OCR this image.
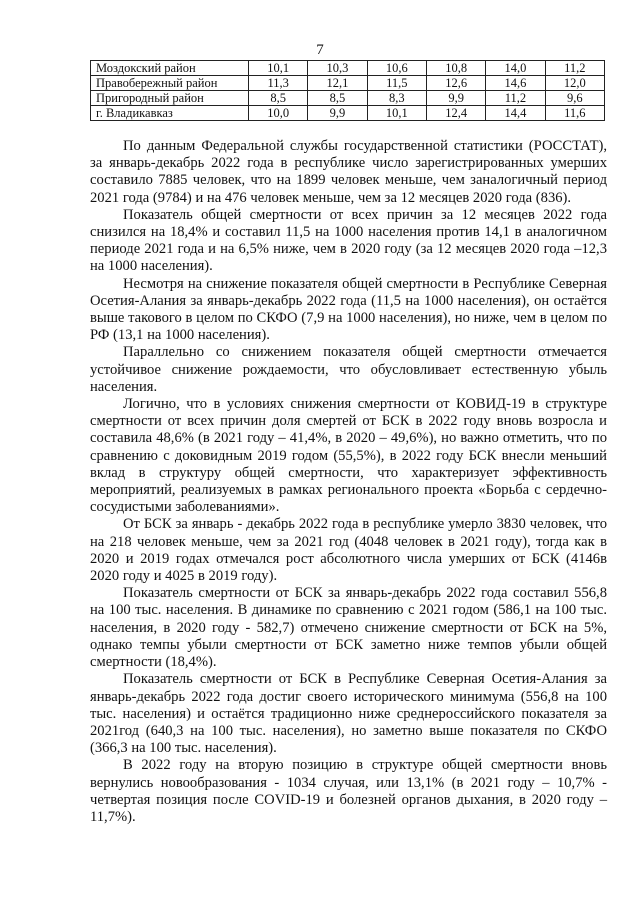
7
Моздокский район	10,1	10,3	10,6	10,8	14,0	11,2
Правобережный район	11,3	12,1	11,5	12,6	14,6	12,0
Пригородный район	8,5	8,5	8,3	9,9	11,2	9,6
г. Владикавказ	10,0	9,9	10,1	12,4	14,4	11,6

По данным Федеральной службы государственной статистики (РОССТАТ), за январь-декабрь 2022 года в республике число зарегистрированных умерших составило 7885 человек, что на 1899 человек меньше, чем заналогичный период 2021 года (9784) и на 476 человек меньше, чем за 12 месяцев 2020 года (836).

Показатель общей смертности от всех причин за 12 месяцев 2022 года снизился на 18,4% и составил 11,5 на 1000 населения против 14,1 в аналогичном периоде 2021 года и на 6,5% ниже, чем в 2020 году (за 12 месяцев 2020 года –12,3 на 1000 населения).

Несмотря на снижение показателя общей смертности в Республике Северная Осетия-Алания за январь-декабрь 2022 года (11,5 на 1000 населения), он остаётся выше такового в целом по СКФО (7,9 на 1000 населения), но ниже, чем в целом по РФ (13,1 на 1000 населения).

Параллельно со снижением показателя общей смертности отмечается устойчивое снижение рождаемости, что обусловливает естественную убыль населения.

Логично, что в условиях снижения смертности от КОВИД-19 в структуре смертности от всех причин доля смертей от БСК в 2022 году вновь возросла и составила 48,6% (в 2021 году – 41,4%, в 2020 – 49,6%), но важно отметить, что по сравнению с доковидным 2019 годом (55,5%), в 2022 году БСК внесли меньший вклад в структуру общей смертности, что характеризует эффективность мероприятий, реализуемых в рамках регионального проекта «Борьба с сердечно-сосудистыми заболеваниями».

От БСК за январь - декабрь 2022 года в республике умерло 3830 человек, что на 218 человек меньше, чем за 2021 год (4048 человек в 2021 году), тогда как в 2020 и 2019 годах отмечался рост абсолютного числа умерших от БСК (4146в 2020 году и 4025 в 2019 году).

Показатель смертности от БСК за январь-декабрь 2022 года составил 556,8 на 100 тыс. населения. В динамике по сравнению с 2021 годом (586,1 на 100 тыс. населения, в 2020 году - 582,7) отмечено снижение смертности от БСК на 5%, однако темпы убыли смертности от БСК заметно ниже темпов убыли общей смертности (18,4%).

Показатель смертности от БСК в Республике Северная Осетия-Алания за январь-декабрь 2022 года достиг своего исторического минимума (556,8 на 100 тыс. населения) и остаётся традиционно ниже среднероссийского показателя за 2021год (640,3 на 100 тыс. населения), но заметно выше показателя по СКФО (366,3 на 100 тыс. населения).

В 2022 году на вторую позицию в структуре общей смертности вновь вернулись новообразования - 1034 случая, или 13,1% (в 2021 году – 10,7% - четвертая позиция после COVID-19 и болезней органов дыхания, в 2020 году – 11,7%).
